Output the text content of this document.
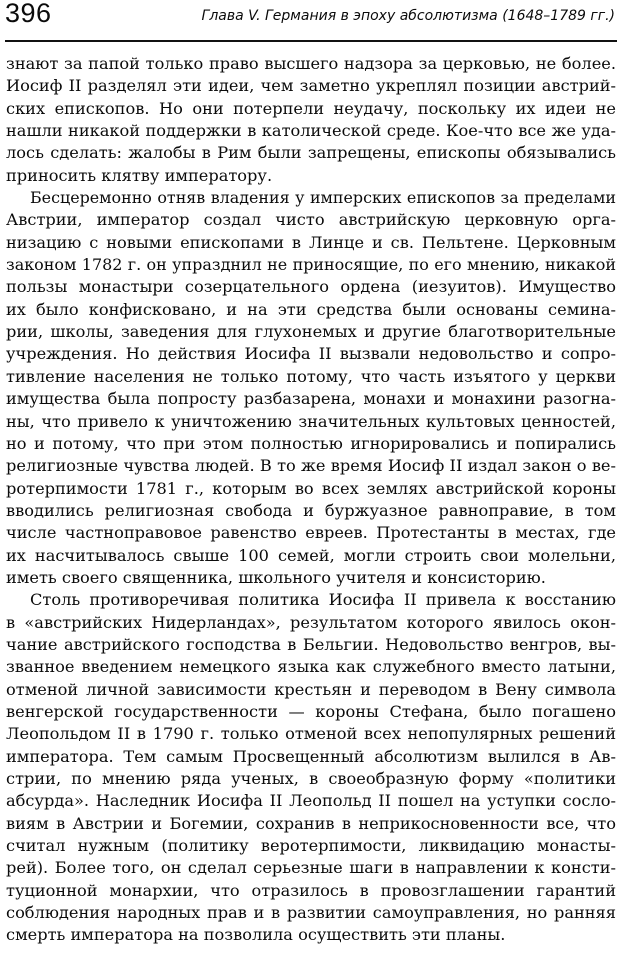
396	Глава V. Германия в эпоху абсолютизма (1648–1789 гг.)
знают за папой только право высшего надзора за церковью, не более.
Иосиф II разделял эти идеи, чем заметно укреплял позиции австрий-
ских епископов. Но они потерпели неудачу, поскольку их идеи не
нашли никакой поддержки в католической среде. Кое-что все же уда-
лось сделать: жалобы в Рим были запрещены, епископы обязывались
приносить клятву императору.
Бесцеремонно отняв владения у имперских епископов за пределами
Австрии, император создал чисто австрийскую церковную орга-
низацию с новыми епископами в Линце и св. Пельтене. Церковным
законом 1782 г. он упразднил не приносящие, по его мнению, никакой
пользы монастыри созерцательного ордена (иезуитов). Имущество
их было конфисковано, и на эти средства были основаны семина-
рии, школы, заведения для глухонемых и другие благотворительные
учреждения. Но действия Иосифа II вызвали недовольство и сопро-
тивление населения не только потому, что часть изъятого у церкви
имущества была попросту разбазарена, монахи и монахини разогна-
ны, что привело к уничтожению значительных культовых ценностей,
но и потому, что при этом полностью игнорировались и попирались
религиозные чувства людей. В то же время Иосиф II издал закон о ве-
ротерпимости 1781 г., которым во всех землях австрийской короны
вводились религиозная свобода и буржуазное равноправие, в том
числе частноправовое равенство евреев. Протестанты в местах, где
их насчитывалось свыше 100 семей, могли строить свои молельни,
иметь своего священника, школьного учителя и консисторию.
Столь противоречивая политика Иосифа II привела к восстанию
в «австрийских Нидерландах», результатом которого явилось окон-
чание австрийского господства в Бельгии. Недовольство венгров, вы-
званное введением немецкого языка как служебного вместо латыни,
отменой личной зависимости крестьян и переводом в Вену символа
венгерской государственности — короны Стефана, было погашено
Леопольдом II в 1790 г. только отменой всех непопулярных решений
императора. Тем самым Просвещенный абсолютизм вылился в Ав-
стрии, по мнению ряда ученых, в своеобразную форму «политики
абсурда». Наследник Иосифа II Леопольд II пошел на уступки сосло-
виям в Австрии и Богемии, сохранив в неприкосновенности все, что
считал нужным (политику веротерпимости, ликвидацию монасты-
рей). Более того, он сделал серьезные шаги в направлении к консти-
туционной монархии, что отразилось в провозглашении гарантий
соблюдения народных прав и в развитии самоуправления, но ранняя
смерть императора на позволила осуществить эти планы.
